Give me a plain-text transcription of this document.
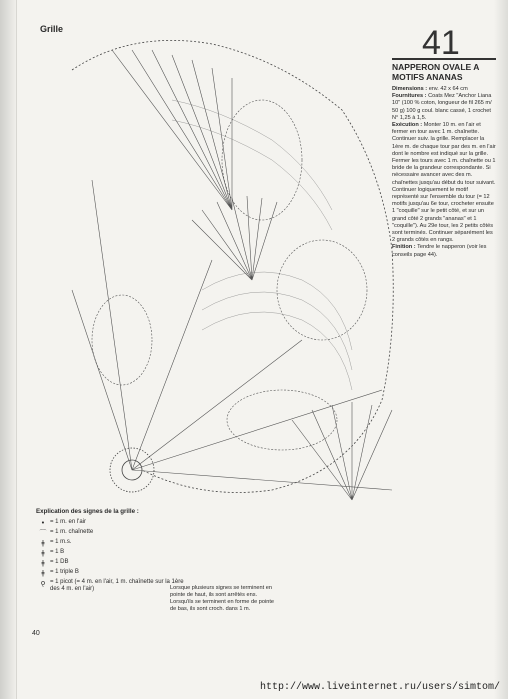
Grille	41
NAPPERON OVALE A MOTIFS ANANAS

Dimensions : env. 42 x 64 cm

Fournitures : Coats Mez "Anchor Liana 10" (100 % coton, longueur de fil 265 m/ 50 g) 100 g coul. blanc cassé, 1 crochet N° 1,25 à 1,5.

Exécution : Monter 10 m. en l'air et fermer en tour avec 1 m. chaînette. Continuer suiv. la grille. Remplacer la 1ère m. de chaque tour par des m. en l'air dont le nombre est indiqué sur la grille. Fermer les tours avec 1 m. chaînette ou 1 bride de la grandeur correspondante. Si nécessaire avancer avec des m. chaînettes jusqu'au début du tour suivant. Continuer logiquement le motif représenté sur l'ensemble du tour (= 12 motifs jusqu'au 6e tour, crocheter ensuite 1 "coquille" sur le petit côté, et sur un grand côté 2 grands "ananas" et 1 "coquille"). Au 29e tour, les 2 petits côtés sont terminés. Continuer séparément les 2 grands côtés en rangs.

Finition : Tendre le napperon (voir les conseils page 44).

Explication des signes de la grille :
• = 1 m. en l'air
⌒ = 1 m. chaînette
ǂ = 1 m.s.
ǂ = 1 B
ǂ = 1 DB
ǂ = 1 triple B
ǫ = 1 picot (= 4 m. en l'air, 1 m. chaînette sur la 1ère des 4 m. en l'air)	Lorsque plusieurs signes se terminent en pointe de haut, ils sont arrêtés ens. Lorsqu'ils se terminent en forme de pointe de bas, ils sont croch. dans 1 m.
40
http://www.liveinternet.ru/users/simtom/
